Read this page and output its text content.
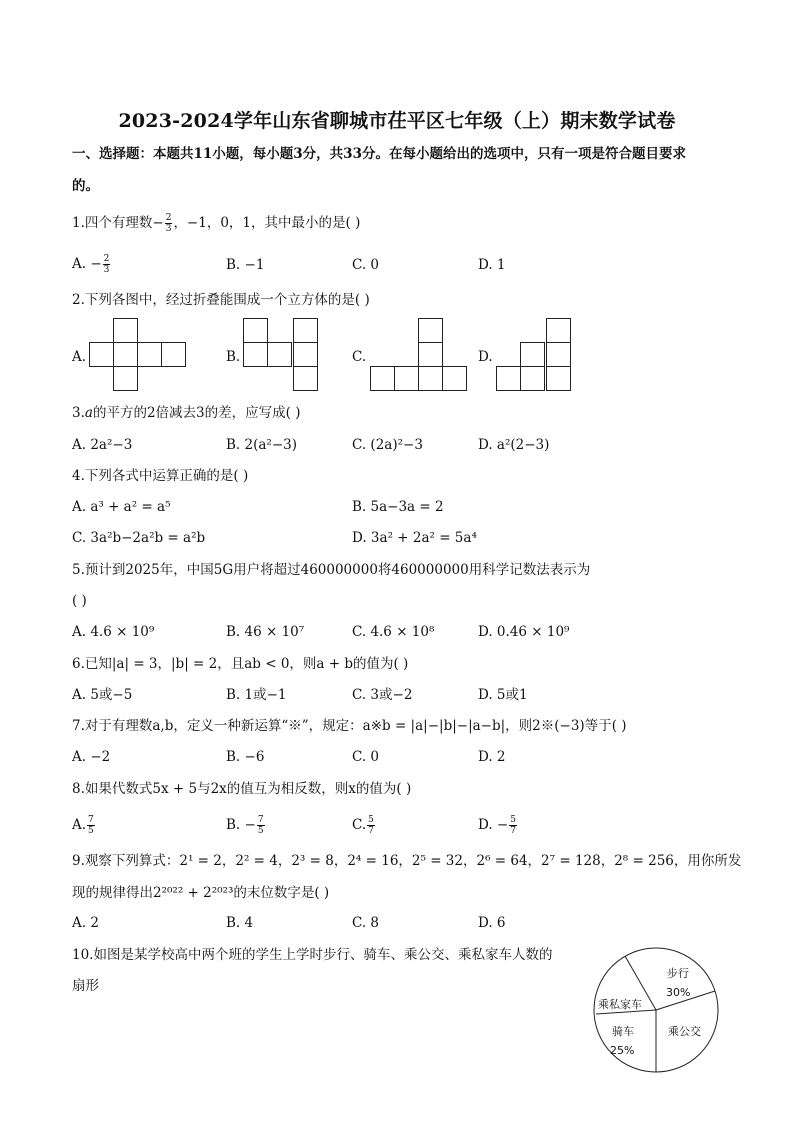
2023-2024学年山东省聊城市茌平区七年级（上）期末数学试卷
一、选择题：本题共11小题，每小题3分，共33分。在每小题给出的选项中，只有一项是符合题目要求
的。
1.四个有理数− $\frac{2}{3}$ ，−1，0，1，其中最小的是( )
A. − $\frac{2}{3}$	B. −1	C. 0	D. 1
2.下列各图中，经过折叠能围成一个立方体的是( )
A.	B.	C.	D.
3.a的平方的2倍减去3的差，应写成( )
A. 2a²−3	B. 2(a²−3)	C. (2a)²−3	D. a²(2−3)
4.下列各式中运算正确的是( )
A. a³ + a² = a⁵	B. 5a−3a = 2
C. 3a²b−2a²b = a²b	D. 3a² + 2a² = 5a⁴
5.预计到2025年，中国5G用户将超过460000000将460000000用科学记数法表示为
( )
A. 4.6 × 10⁹	B. 46 × 10⁷	C. 4.6 × 10⁸	D. 0.46 × 10⁹
6.已知|a| = 3，|b| = 2，且ab < 0，则a + b的值为( )
A. 5或−5	B. 1或−1	C. 3或−2	D. 5或1
7.对于有理数a,b，定义一种新运算“※”，规定：a※b = |a|−|b|−|a−b|，则2※(−3)等于( )
A. −2	B. −6	C. 0	D. 2
8.如果代数式5x + 5与2x的值互为相反数，则x的值为( )
A. $\frac{7}{5}$	B. − $\frac{7}{5}$	C. $\frac{5}{7}$	D. − $\frac{5}{7}$
9.观察下列算式：2¹ = 2，2² = 4，2³ = 8，2⁴ = 16，2⁵ = 32，2⁶ = 64，2⁷ = 128，2⁸ = 256，用你所发
现的规律得出2²⁰²² + 2²⁰²³的末位数字是( )
A. 2	B. 4	C. 8	D. 6
10.如图是某学校高中两个班的学生上学时步行、骑车、乘公交、乘私家车人数的
扇形
步行
30%
乘公交
骑车
25%
乘私家车
